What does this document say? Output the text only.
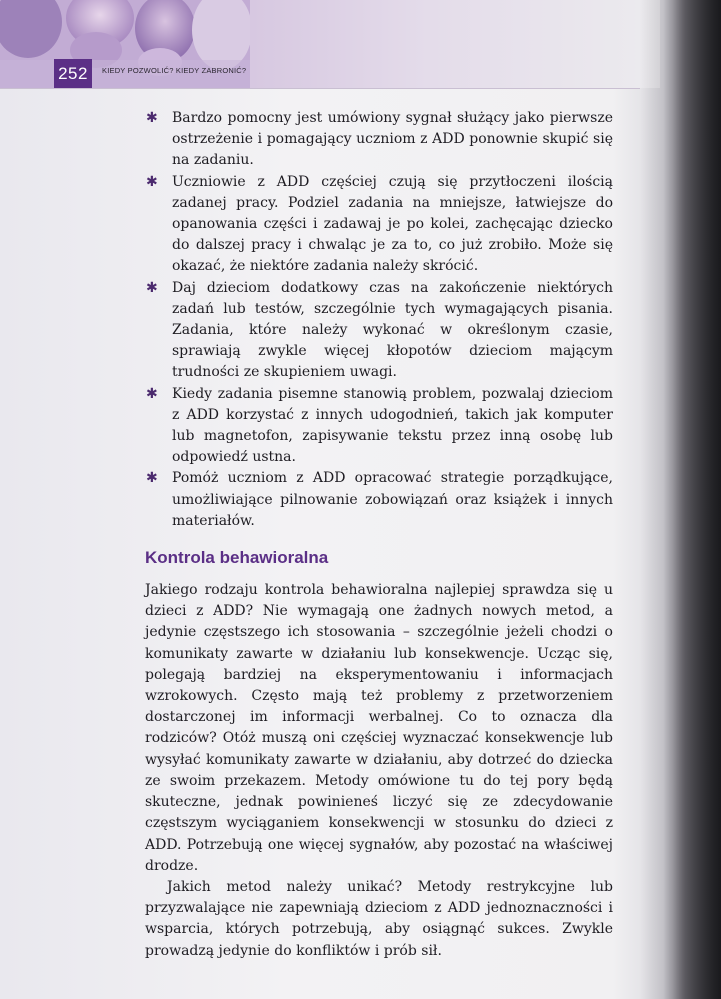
252	KIEDY POZWOLIĆ? KIEDY ZABRONIĆ?
✱ Bardzo pomocny jest umówiony sygnał służący jako pierwsze ostrzeżenie i pomagający uczniom z ADD ponownie skupić się na zadaniu.
✱ Uczniowie z ADD częściej czują się przytłoczeni ilością zadanej pracy. Podziel zadania na mniejsze, łatwiejsze do opanowania części i zadawaj je po kolei, zachęcając dziecko do dalszej pracy i chwaląc je za to, co już zrobiło. Może się okazać, że niektóre zadania należy skrócić.
✱ Daj dzieciom dodatkowy czas na zakończenie niektórych zadań lub testów, szczególnie tych wymagających pisania. Zadania, które należy wykonać w określonym czasie, sprawiają zwykle więcej kłopotów dzieciom mającym trudności ze skupieniem uwagi.
✱ Kiedy zadania pisemne stanowią problem, pozwalaj dzieciom z ADD korzystać z innych udogodnień, takich jak komputer lub magnetofon, zapisywanie tekstu przez inną osobę lub odpowiedź ustna.
✱ Pomóż uczniom z ADD opracować strategie porządkujące, umożliwiające pilnowanie zobowiązań oraz książek i innych materiałów.
Kontrola behawioralna

Jakiego rodzaju kontrola behawioralna najlepiej sprawdza się u dzieci z ADD? Nie wymagają one żadnych nowych metod, a jedynie częstszego ich stosowania – szczególnie jeżeli chodzi o komunikaty zawarte w działaniu lub konsekwencje. Ucząc się, polegają bardziej na eksperymentowaniu i informacjach wzrokowych. Często mają też problemy z przetworzeniem dostarczonej im informacji werbalnej. Co to oznacza dla rodziców? Otóż muszą oni częściej wyznaczać konsekwencje lub wysyłać komunikaty zawarte w działaniu, aby dotrzeć do dziecka ze swoim przekazem. Metody omówione tu do tej pory będą skuteczne, jednak powinieneś liczyć się ze zdecydowanie częstszym wyciąganiem konsekwencji w stosunku do dzieci z ADD. Potrzebują one więcej sygnałów, aby pozostać na właściwej drodze.

Jakich metod należy unikać? Metody restrykcyjne lub przyzwalające nie zapewniają dzieciom z ADD jednoznaczności i wsparcia, których potrzebują, aby osiągnąć sukces. Zwykle prowadzą jedynie do konfliktów i prób sił.
